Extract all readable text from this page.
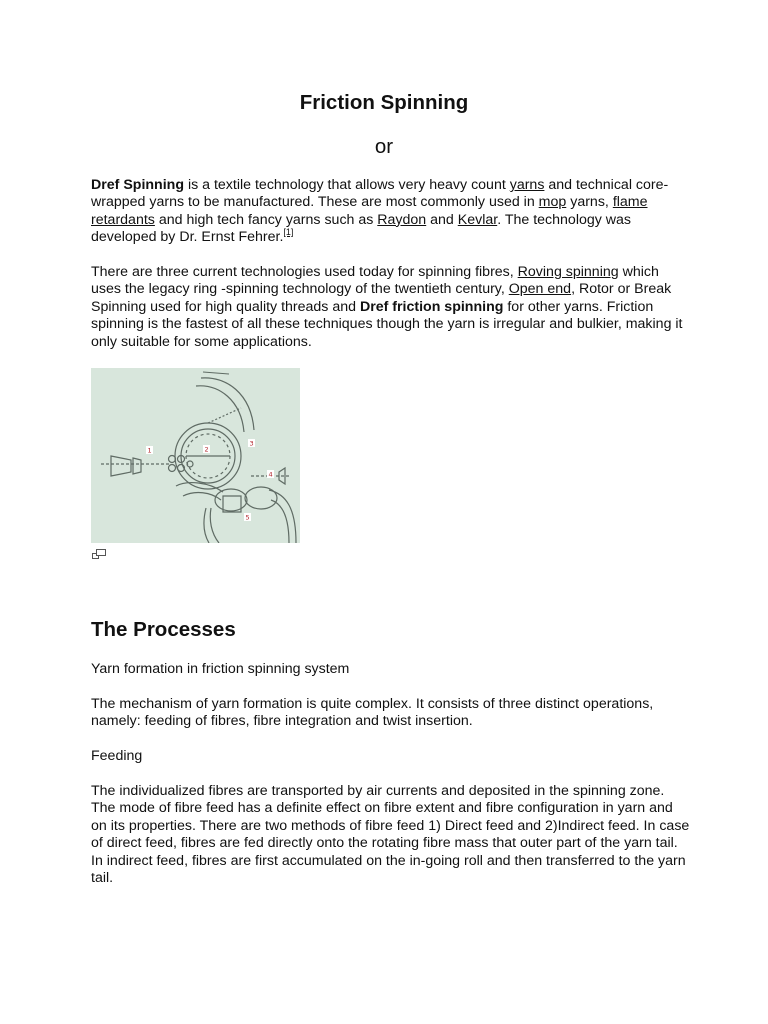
Friction Spinning
or

Dref Spinning is a textile technology that allows very heavy count yarns and technical core-wrapped yarns to be manufactured. These are most commonly used in mop yarns, flame retardants and high tech fancy yarns such as Raydon and Kevlar. The technology was developed by Dr. Ernst Fehrer.[1]

There are three current technologies used today for spinning fibres, Roving spinning which uses the legacy ring -spinning technology of the twentieth century, Open end, Rotor or Break Spinning used for high quality threads and Dref friction spinning for other yarns. Friction spinning is the fastest of all these techniques though the yarn is irregular and bulkier, making it only suitable for some applications.

1	2
3
4
5
The Processes

Yarn formation in friction spinning system

The mechanism of yarn formation is quite complex. It consists of three distinct operations, namely: feeding of fibres, fibre integration and twist insertion.

Feeding

The individualized fibres are transported by air currents and deposited in the spinning zone. The mode of fibre feed has a definite effect on fibre extent and fibre configuration in yarn and on its properties. There are two methods of fibre feed 1) Direct feed and 2)Indirect feed. In case of direct feed, fibres are fed directly onto the rotating fibre mass that outer part of the yarn tail. In indirect feed, fibres are first accumulated on the in-going roll and then transferred to the yarn tail.
